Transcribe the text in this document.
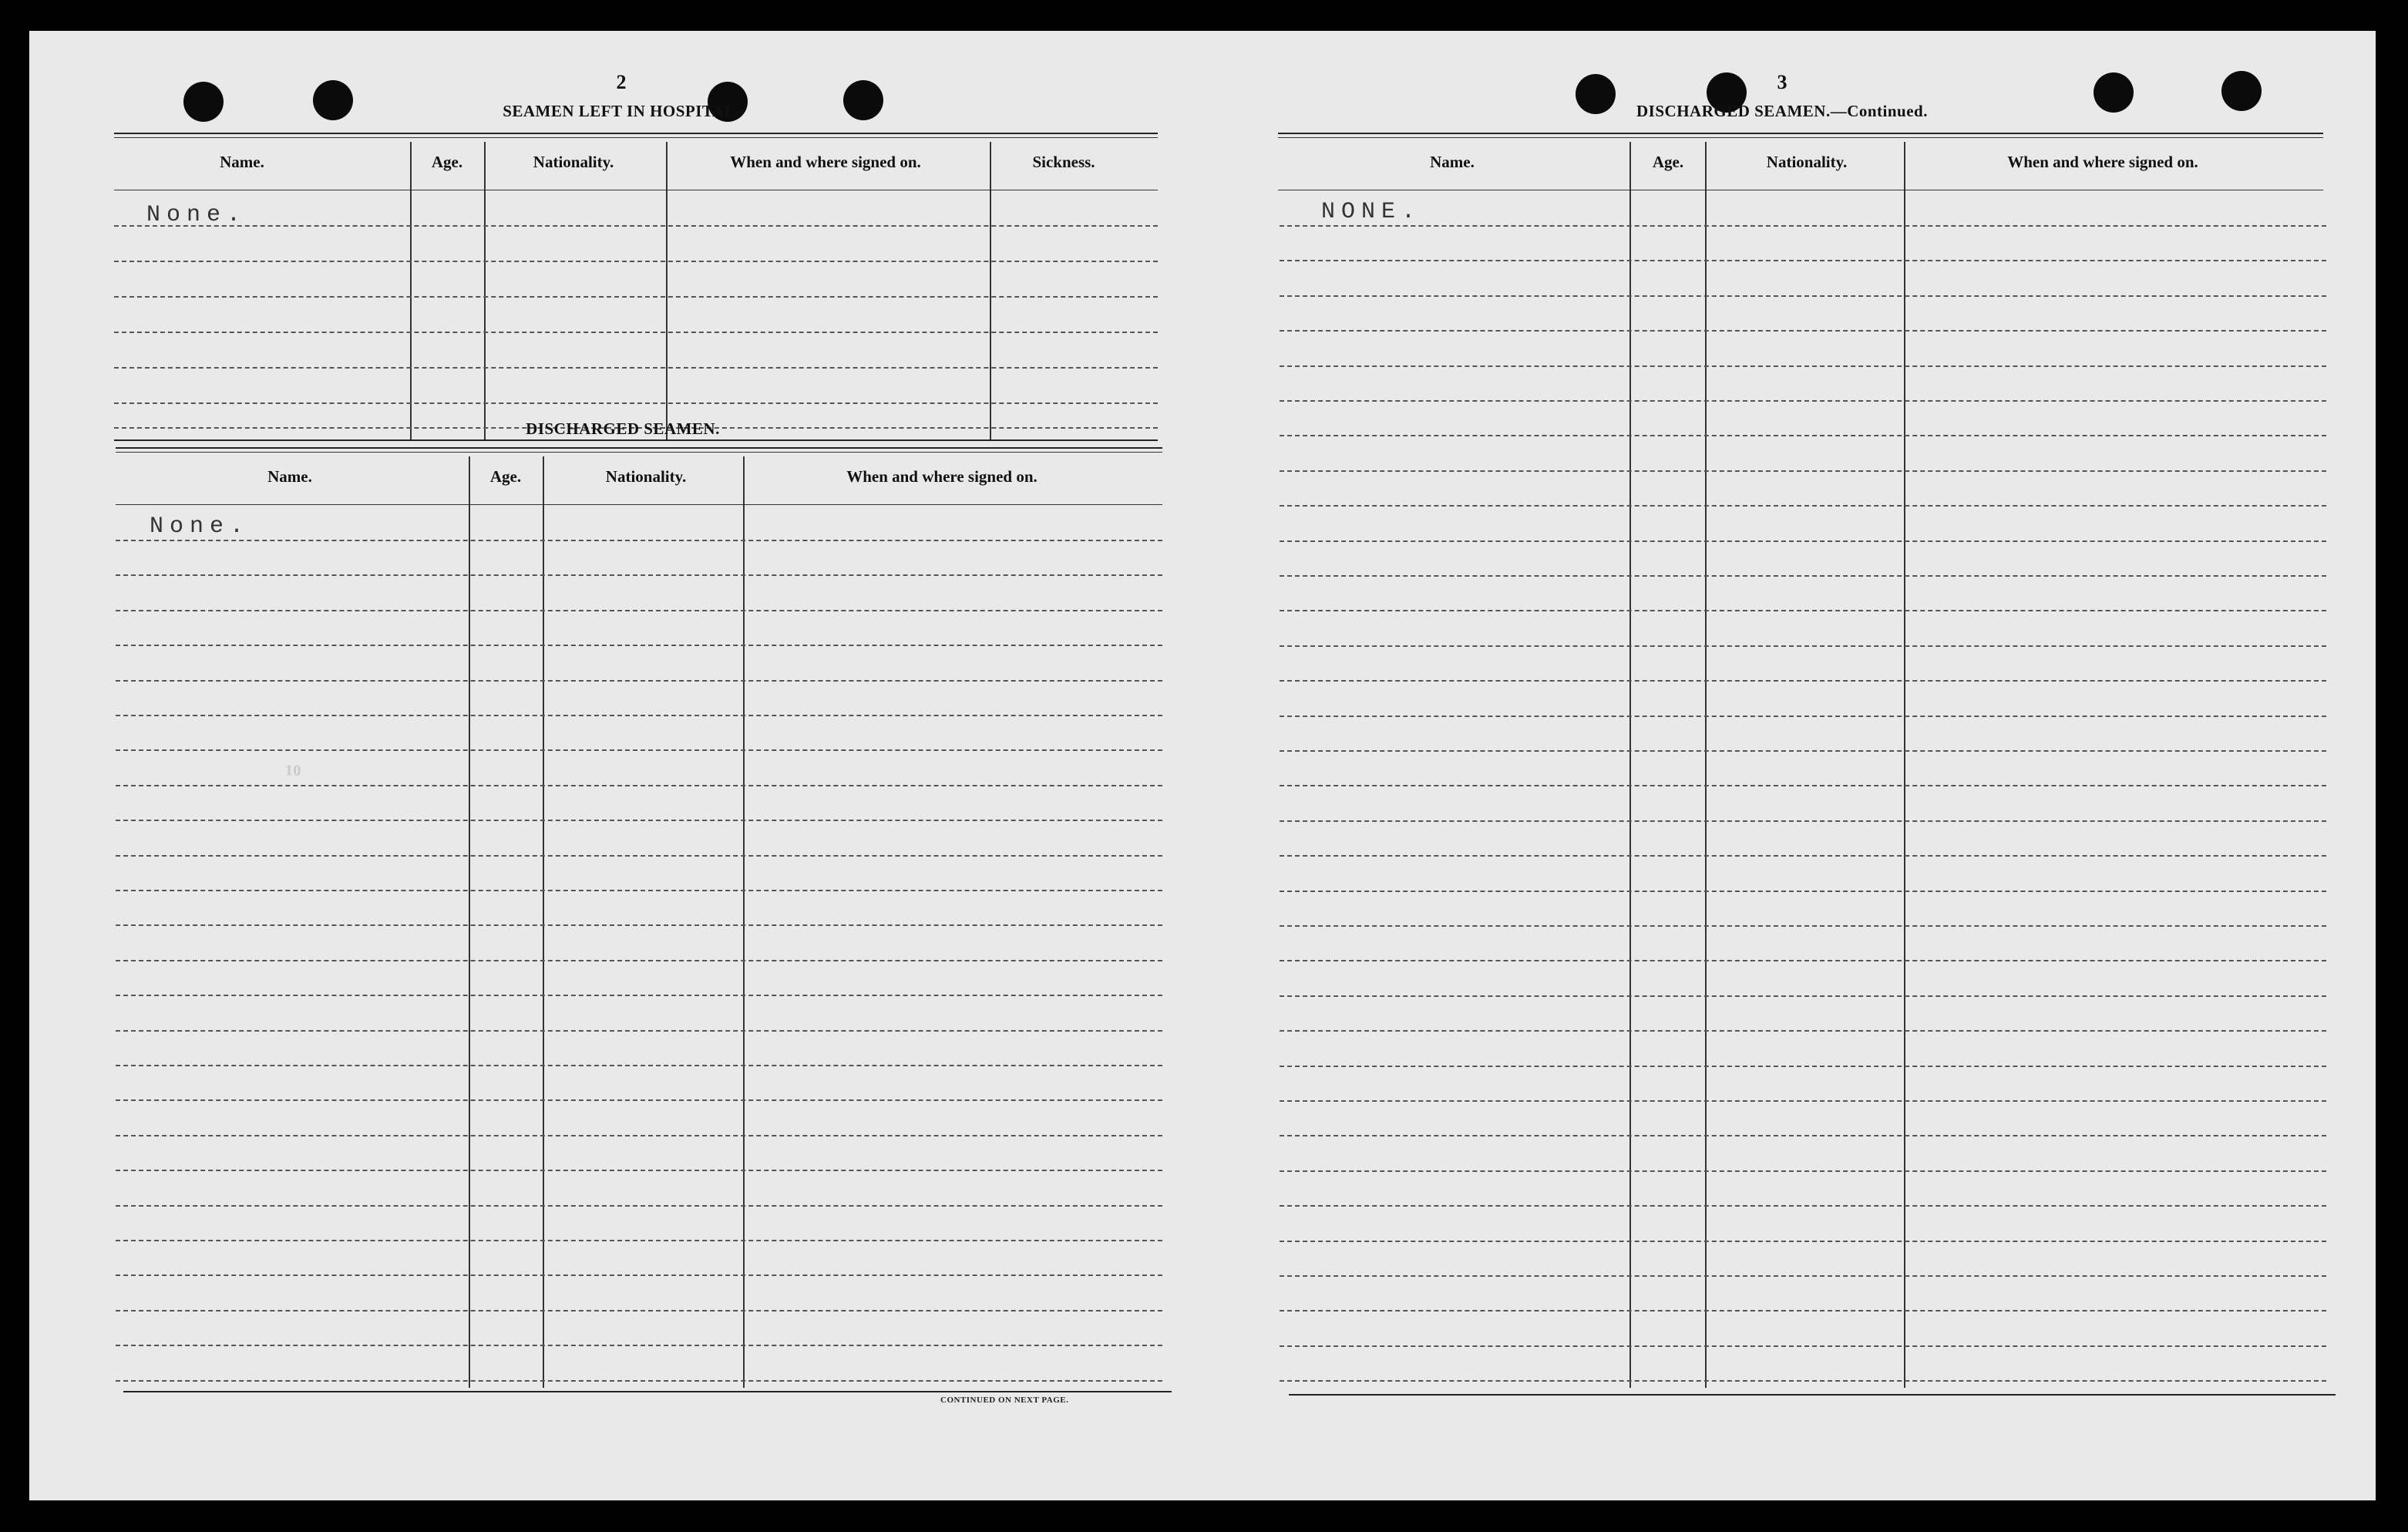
2
SEAMEN LEFT IN HOSPITAL.
Name.	Age.	Nationality.	When and where signed on.	Sickness.
None.
DISCHARGED SEAMEN.
Name.	Age.	Nationality.	When and where signed on.
None.
₁₀
CONTINUED ON NEXT PAGE.
3
DISCHARGED SEAMEN.—Continued.
Name.	Age.	Nationality.	When and where signed on.
NONE.
